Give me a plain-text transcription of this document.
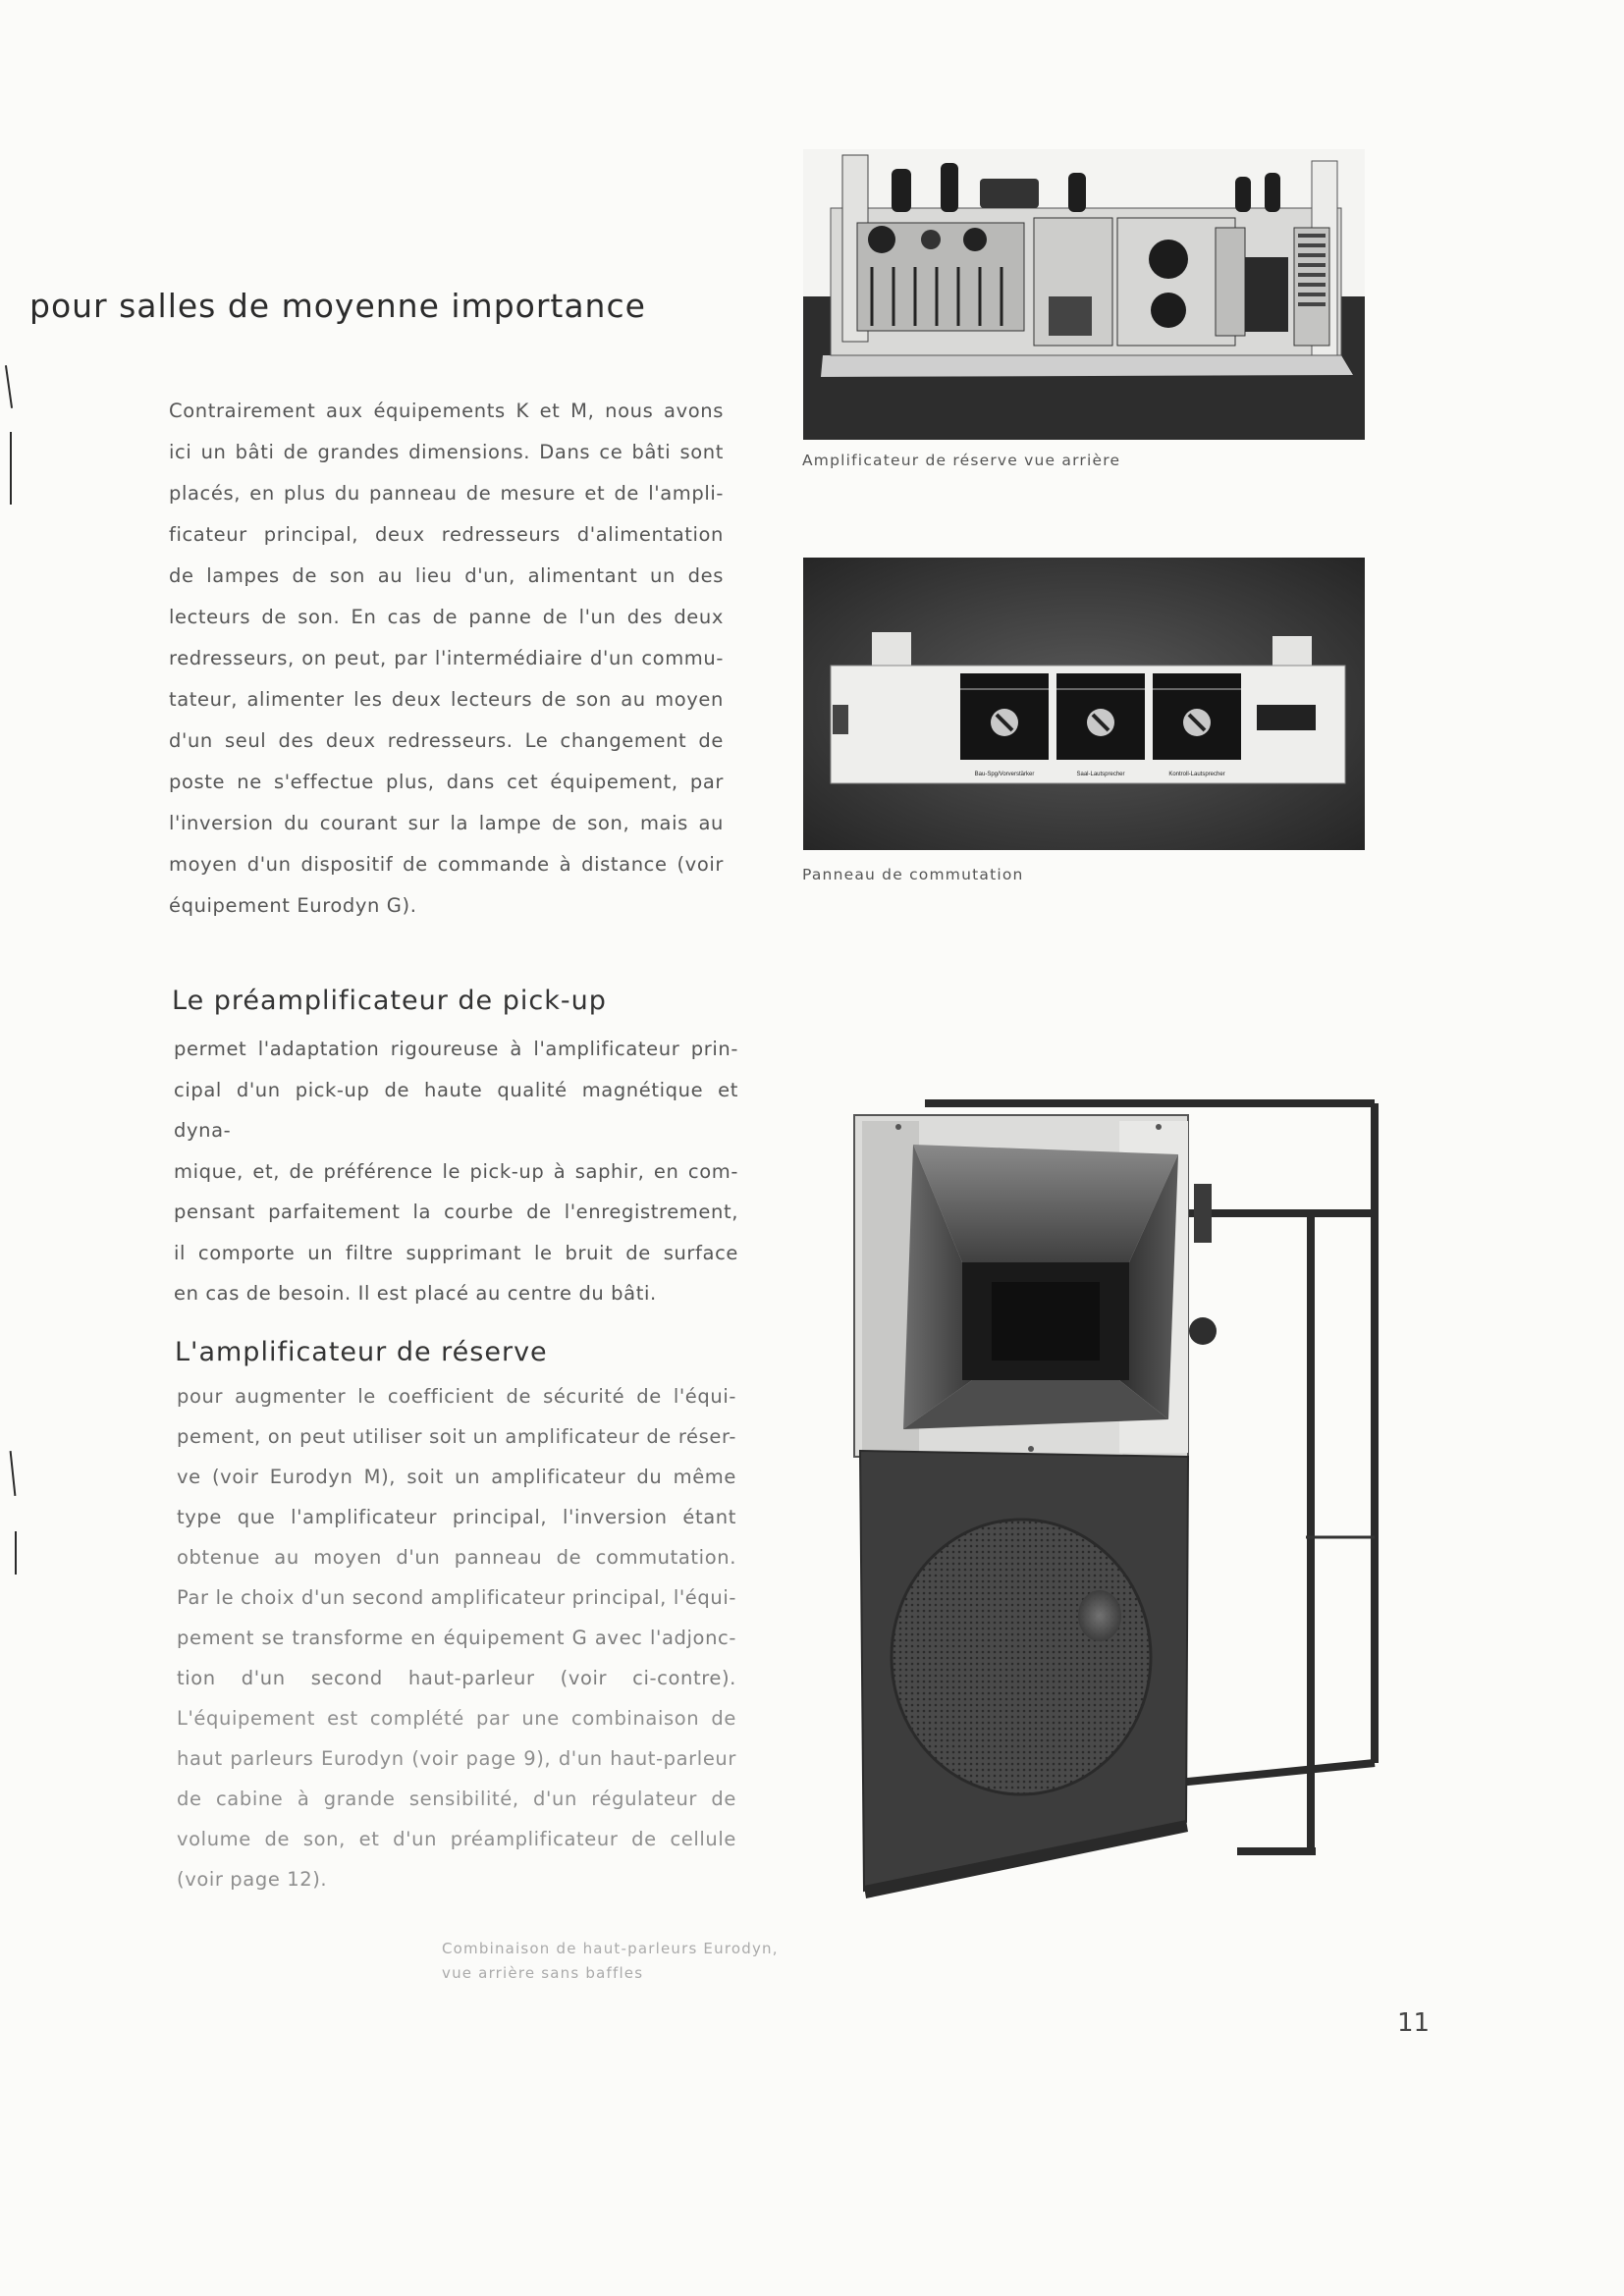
pour salles de moyenne importance

Contrairement aux équipements K et M, nous avons
ici un bâti de grandes dimensions. Dans ce bâti sont
placés, en plus du panneau de mesure et de l'ampli-
ficateur principal, deux redresseurs d'alimentation
de lampes de son au lieu d'un, alimentant un des
lecteurs de son. En cas de panne de l'un des deux
redresseurs, on peut, par l'intermédiaire d'un commu-
tateur, alimenter les deux lecteurs de son au moyen
d'un seul des deux redresseurs. Le changement de
poste ne s'effectue plus, dans cet équipement, par
l'inversion du courant sur la lampe de son, mais au
moyen d'un dispositif de commande à distance (voir
équipement Eurodyn G).

Le préamplificateur de pick-up

permet l'adaptation rigoureuse à l'amplificateur prin-
cipal d'un pick-up de haute qualité magnétique et dyna-
mique, et, de préférence le pick-up à saphir, en com-
pensant parfaitement la courbe de l'enregistrement,
il comporte un filtre supprimant le bruit de surface
en cas de besoin. Il est placé au centre du bâti.

L'amplificateur de réserve

pour augmenter le coefficient de sécurité de l'équi-
pement, on peut utiliser soit un amplificateur de réser-
ve (voir Eurodyn M), soit un amplificateur du même
type que l'amplificateur principal, l'inversion étant
obtenue au moyen d'un panneau de commutation.
Par le choix d'un second amplificateur principal, l'équi-
pement se transforme en équipement G avec l'adjonc-
tion d'un second haut-parleur (voir ci-contre).
L'équipement est complété par une combinaison de
haut parleurs Eurodyn (voir page 9), d'un haut-parleur
de cabine à grande sensibilité, d'un régulateur de
volume de son, et d'un préamplificateur de cellule
(voir page 12).

Amplificateur de réserve vue arrière

Bau-Spg/Vorverstärker	Saal-Lautsprecher	Kontroll-Lautsprecher

Panneau de commutation

Combinaison de haut-parleurs Eurodyn,
vue arrière sans baffles
11
